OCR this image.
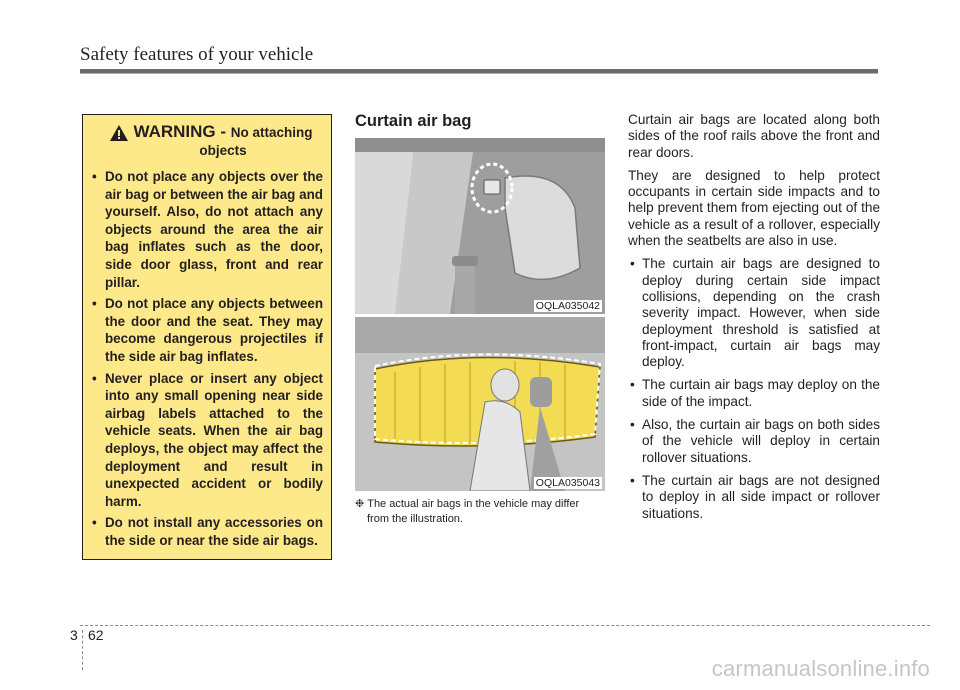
Safety features of your vehicle
WARNING - No attaching
objects
• Do not place any objects over the air bag or between the air bag and yourself. Also, do not attach any objects around the area the air bag inflates such as the door, side door glass, front and rear pillar.
• Do not place any objects between the door and the seat. They may become dangerous projectiles if the side air bag inflates.
• Never place or insert any object into any small opening near side airbag labels attached to the vehicle seats. When the air bag deploys, the object may affect the deployment and result in unexpected accident or bodily harm.
• Do not install any accessories on the side or near the side air bags.
Curtain air bag
OQLA035042
OQLA035043

❉ The actual air bags in the vehicle may differ
from the illustration.

Curtain air bags are located along both sides of the roof rails above the front and rear doors.

They are designed to help protect occupants in certain side impacts and to help prevent them from ejecting out of the vehicle as a result of a rollover, especially when the seatbelts are also in use.

• The curtain air bags are designed to deploy during certain side impact collisions, depending on the crash severity impact. However, when side deployment threshold is satisfied at front-impact, curtain air bags may deploy.
• The curtain air bags may deploy on the side of the impact.
• Also, the curtain air bags on both sides of the vehicle will deploy in certain rollover situations.
• The curtain air bags are not designed to deploy in all side impact or rollover situations.
3 62
carmanualsonline.info
